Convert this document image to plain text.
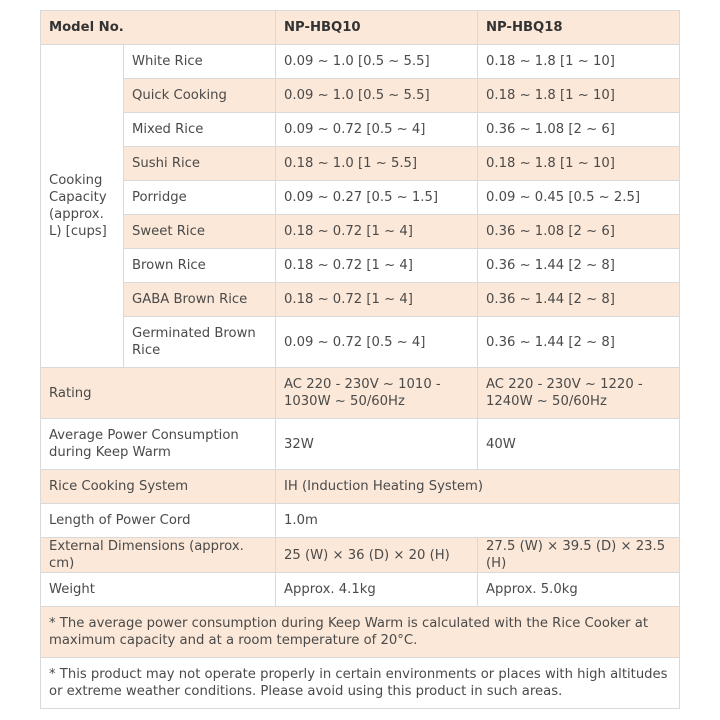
Model No.		NP-HBQ10	NP-HBQ18
Cooking Capacity (approx. L) [cups]	White Rice	0.09 ~ 1.0 [0.5 ~ 5.5]	0.18 ~ 1.8 [1 ~ 10]
	Quick Cooking	0.09 ~ 1.0 [0.5 ~ 5.5]	0.18 ~ 1.8 [1 ~ 10]
	Mixed Rice	0.09 ~ 0.72 [0.5 ~ 4]	0.36 ~ 1.08 [2 ~ 6]
	Sushi Rice	0.18 ~ 1.0 [1 ~ 5.5]	0.18 ~ 1.8 [1 ~ 10]
	Porridge	0.09 ~ 0.27 [0.5 ~ 1.5]	0.09 ~ 0.45 [0.5 ~ 2.5]
	Sweet Rice	0.18 ~ 0.72 [1 ~ 4]	0.36 ~ 1.08 [2 ~ 6]
	Brown Rice	0.18 ~ 0.72 [1 ~ 4]	0.36 ~ 1.44 [2 ~ 8]
	GABA Brown Rice	0.18 ~ 0.72 [1 ~ 4]	0.36 ~ 1.44 [2 ~ 8]
	Germinated Brown Rice	0.09 ~ 0.72 [0.5 ~ 4]	0.36 ~ 1.44 [2 ~ 8]
Rating		AC 220 - 230V ~ 1010 - 1030W ~ 50/60Hz	AC 220 - 230V ~ 1220 - 1240W ~ 50/60Hz
Average Power Consumption during Keep Warm		32W	40W
Rice Cooking System		IH (Induction Heating System)	
Length of Power Cord		1.0m	
External Dimensions (approx. cm)		25 (W) × 36 (D) × 20 (H)	27.5 (W) × 39.5 (D) × 23.5 (H)
Weight		Approx. 4.1kg	Approx. 5.0kg
* The average power consumption during Keep Warm is calculated with the Rice Cooker at maximum capacity and at a room temperature of 20°C.			
* This product may not operate properly in certain environments or places with high altitudes or extreme weather conditions. Please avoid using this product in such areas.			
